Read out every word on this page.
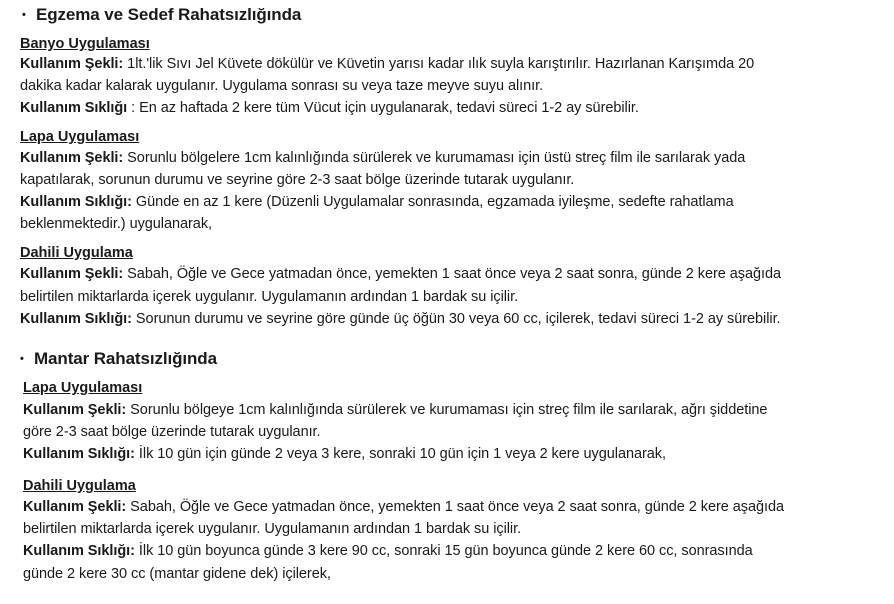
• Egzema ve Sedef Rahatsızlığında
Banyo Uygulaması
Kullanım Şekli: 1lt.'lik Sıvı Jel Küvete dökülür ve Küvetin yarısı kadar ılık suyla karıştırılır. Hazırlanan Karışımda 20
dakika kadar kalarak uygulanır. Uygulama sonrası su veya taze meyve suyu alınır.
Kullanım Sıklığı : En az haftada 2 kere tüm Vücut için uygulanarak, tedavi süreci 1-2 ay sürebilir.
Lapa Uygulaması
Kullanım Şekli: Sorunlu bölgelere 1cm kalınlığında sürülerek ve kurumaması için üstü streç film ile sarılarak yada
kapatılarak, sorunun durumu ve seyrine göre 2-3 saat bölge üzerinde tutarak uygulanır.
Kullanım Sıklığı: Günde en az 1 kere (Düzenli Uygulamalar sonrasında, egzamada iyileşme, sedefte rahatlama
beklenmektedir.) uygulanarak,
Dahili Uygulama
Kullanım Şekli: Sabah, Öğle ve Gece yatmadan önce, yemekten 1 saat önce veya 2 saat sonra, günde 2 kere aşağıda
belirtilen miktarlarda içerek uygulanır. Uygulamanın ardından 1 bardak su içilir.
Kullanım Sıklığı: Sorunun durumu ve seyrine göre günde üç öğün 30 veya 60 cc, içilerek, tedavi süreci 1-2 ay sürebilir.
• Mantar Rahatsızlığında
Lapa Uygulaması
Kullanım Şekli: Sorunlu bölgeye 1cm kalınlığında sürülerek ve kurumaması için streç film ile sarılarak, ağrı şiddetine
göre 2-3 saat bölge üzerinde tutarak uygulanır.
Kullanım Sıklığı: İlk 10 gün için günde 2 veya 3 kere, sonraki 10 gün için 1 veya 2 kere uygulanarak,
Dahili Uygulama
Kullanım Şekli: Sabah, Öğle ve Gece yatmadan önce, yemekten 1 saat önce veya 2 saat sonra, günde 2 kere aşağıda
belirtilen miktarlarda içerek uygulanır. Uygulamanın ardından 1 bardak su içilir.
Kullanım Sıklığı: İlk 10 gün boyunca günde 3 kere 90 cc, sonraki 15 gün boyunca günde 2 kere 60 cc, sonrasında
günde 2 kere 30 cc (mantar gidene dek) içilerek,
